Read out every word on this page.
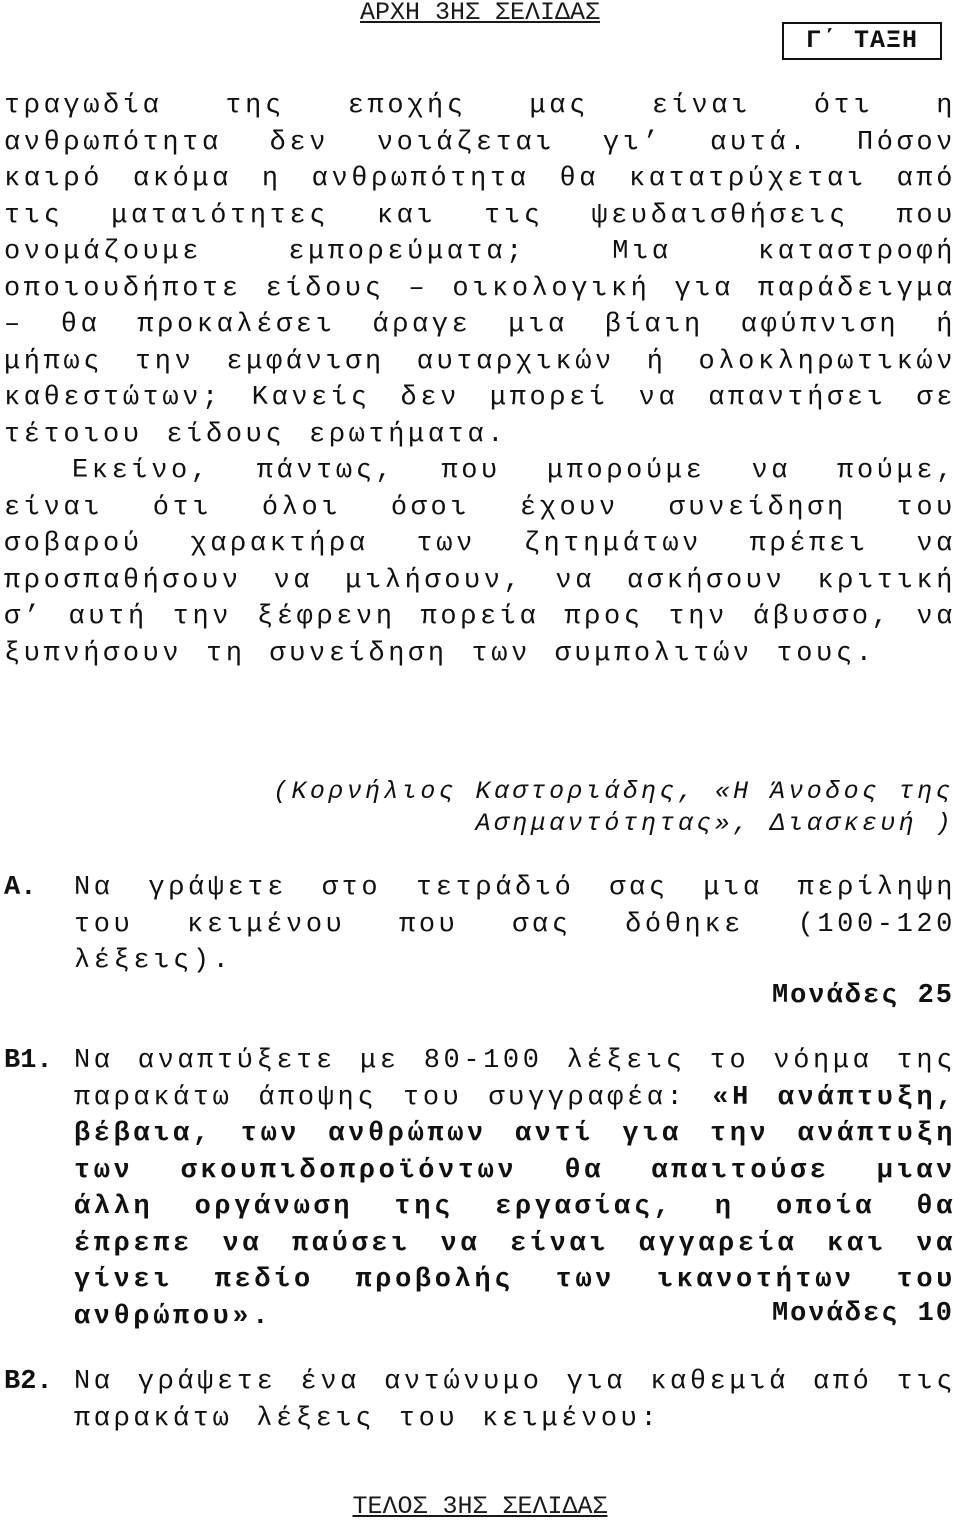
ΑΡΧΗ 3ΗΣ ΣΕΛΙΔΑΣ
Γ΄ ΤΑΞΗ

τραγωδία της εποχής μας είναι ότι η ανθρωπότητα δεν νοιάζεται γι’ αυτά. Πόσον καιρό ακόμα η ανθρωπότητα θα κατατρύχεται από τις ματαιότητες και τις ψευδαισθήσεις που ονομάζουμε εμπορεύματα; Μια καταστροφή οποιουδήποτε είδους – οικολογική για παράδειγμα – θα προκαλέσει άραγε μια βίαιη αφύπνιση ή μήπως την εμφάνιση αυταρχικών ή ολοκληρωτικών καθεστώτων; Κανείς δεν μπορεί να απαντήσει σε τέτοιου είδους ερωτήματα.

Εκείνο, πάντως, που μπορούμε να πούμε, είναι ότι όλοι όσοι έχουν συνείδηση του σοβαρού χαρακτήρα των ζητημάτων πρέπει να προσπαθήσουν να μιλήσουν, να ασκήσουν κριτική σ’ αυτή την ξέφρενη πορεία προς την άβυσσο, να ξυπνήσουν τη συνείδηση των συμπολιτών τους.

(Κορνήλιος Καστοριάδης, «Η Άνοδος της
Ασημαντότητας», Διασκευή )
Α. Να γράψετε στο τετράδιό σας μια περίληψη του κειμένου που σας δόθηκε (100-120 λέξεις).
Μονάδες 25
Β1. Να αναπτύξετε με 80-100 λέξεις το νόημα της παρακάτω άποψης του συγγραφέα: «Η ανάπτυξη, βέβαια, των ανθρώπων αντί για την ανάπτυξη των σκουπιδοπροϊόντων θα απαιτούσε μιαν άλλη οργάνωση της εργασίας, η οποία θα έπρεπε να παύσει να είναι αγγαρεία και να γίνει πεδίο προβολής των ικανοτήτων του ανθρώπου».	Μονάδες 10
Β2. Να γράψετε ένα αντώνυμο για καθεμιά από τις παρακάτω λέξεις του κειμένου:
ΤΕΛΟΣ 3ΗΣ ΣΕΛΙΔΑΣ
